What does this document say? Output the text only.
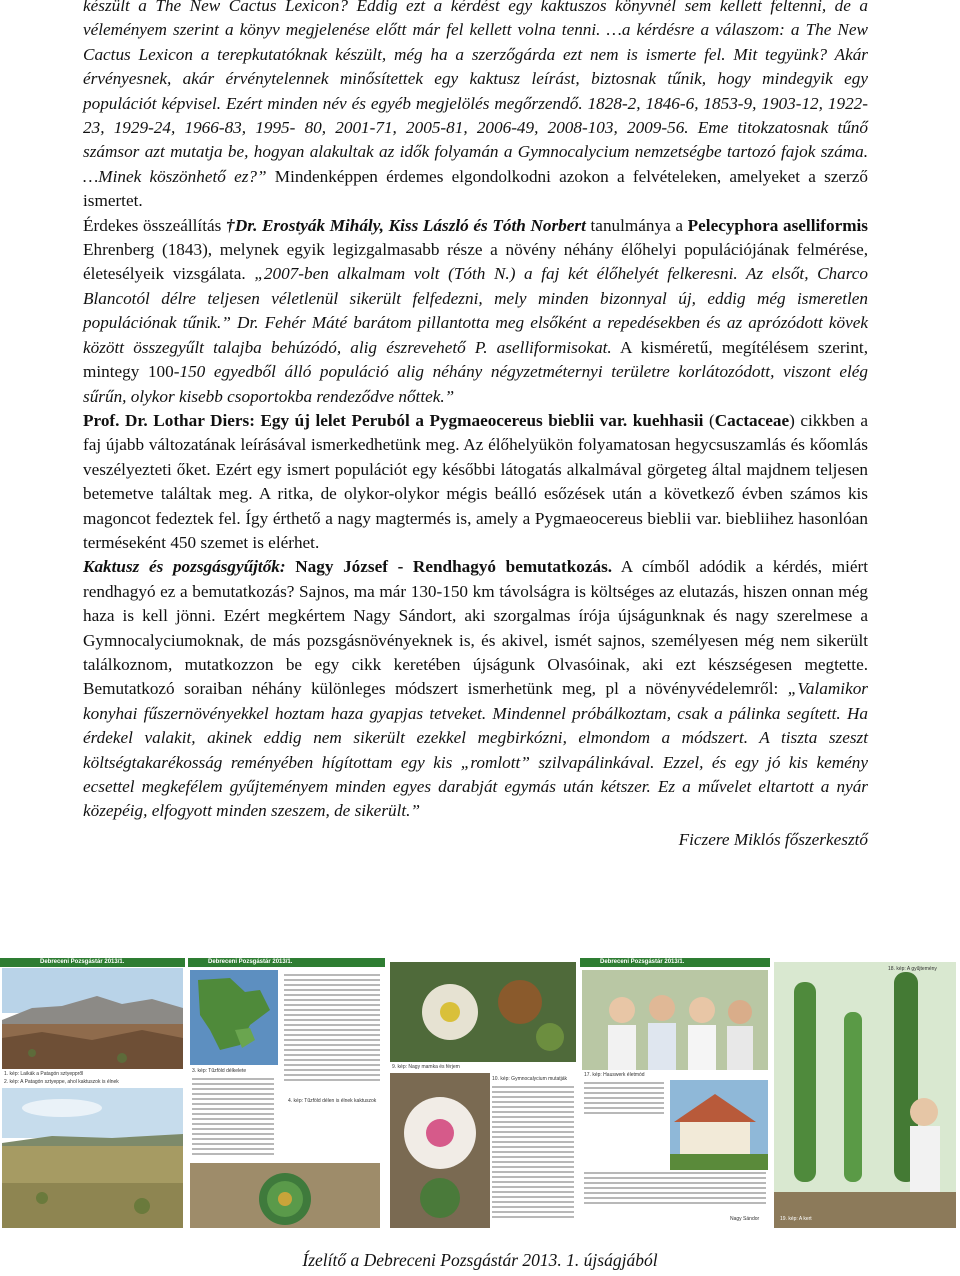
készült a The New Cactus Lexicon? Eddig ezt a kérdést egy kaktuszos könyvnél sem kellett feltenni, de a véleményem szerint a könyv megjelenése előtt már fel kellett volna tenni. …a kérdésre a válaszom: a The New Cactus Lexicon a terepkutatóknak készült, még ha a szerzőgárda ezt nem is ismerte fel. Mit tegyünk? Akár érvényesnek, akár érvénytelennek minősítettek egy kaktusz leírást, biztosnak tűnik, hogy mindegyik egy populációt képvisel. Ezért minden név és egyéb megjelölés megőrzendő. 1828-2, 1846-6, 1853-9, 1903-12, 1922-23, 1929-24, 1966-83, 1995- 80, 2001-71, 2005-81, 2006-49, 2008-103, 2009-56. Eme titokzatosnak tűnő számsor azt mutatja be, hogyan alakultak az idők folyamán a Gymnocalycium nemzetségbe tartozó fajok száma. …Minek köszönhető ez?” Mindenképpen érdemes elgondolkodni azokon a felvételeken, amelyeket a szerző ismertet.

Érdekes összeállítás †Dr. Erostyák Mihály, Kiss László és Tóth Norbert tanulmánya a Pelecyphora aselliformis Ehrenberg (1843), melynek egyik legizgalmasabb része a növény néhány élőhelyi populációjának felmérése, életesélyeik vizsgálata. „2007-ben alkalmam volt (Tóth N.) a faj két élőhelyét felkeresni. Az elsőt, Charco Blancotól délre teljesen véletlenül sikerült felfedezni, mely minden bizonnyal új, eddig még ismeretlen populációnak tűnik.” Dr. Fehér Máté barátom pillantotta meg elsőként a repedésekben és az aprózódott kövek között összegyűlt talajba behúzódó, alig észrevehető P. aselliformisokat. A kisméretű, megítélésem szerint, mintegy 100-150 egyedből álló populáció alig néhány négyzetméternyi területre korlátozódott, viszont elég sűrűn, olykor kisebb csoportokba rendeződve nőttek.”

Prof. Dr. Lothar Diers: Egy új lelet Peruból a Pygmaeocereus bieblii var. kuehhasii (Cactaceae) cikkben a faj újabb változatának leírásával ismerkedhetünk meg. Az élőhelyükön folyamatosan hegycsuszamlás és kőomlás veszélyezteti őket. Ezért egy ismert populációt egy későbbi látogatás alkalmával görgeteg által majdnem teljesen betemetve találtak meg. A ritka, de olykor-olykor mégis beálló esőzések után a következő évben számos kis magoncot fedeztek fel. Így érthető a nagy magtermés is, amely a Pygmaeocereus bieblii var. biebliihez hasonlóan terméseként 450 szemet is elérhet.

Kaktusz és pozsgásgyűjtők: Nagy József - Rendhagyó bemutatkozás. A címből adódik a kérdés, miért rendhagyó ez a bemutatkozás? Sajnos, ma már 130-150 km távolságra is költséges az elutazás, hiszen onnan még haza is kell jönni. Ezért megkértem Nagy Sándort, aki szorgalmas írója újságunknak és nagy szerelmese a Gymnocalyciumoknak, de más pozsgásnövényeknek is, és akivel, ismét sajnos, személyesen még nem sikerült találkoznom, mutatkozzon be egy cikk keretében újságunk Olvasóinak, aki ezt készségesen megtette. Bemutatkozó soraiban néhány különleges módszert ismerhetünk meg, pl a növényvédelemről: „Valamikor konyhai fűszernövényekkel hoztam haza gyapjas tetveket. Mindennel próbálkoztam, csak a pálinka segített. Ha érdekel valakit, akinek eddig nem sikerült ezekkel megbirkózni, elmondom a módszert. A tiszta szeszt költségtakarékosság reményében hígítottam egy kis „romlott” szilvapálinkával. Ezzel, és egy jó kis kemény ecsettel megkefélem gyűjteményem minden egyes darabját egymás után kétszer. Ez a művelet eltartott a nyár közepéig, elfogyott minden szeszem, de sikerült.”

Ficzere Miklós főszerkesztő

Debreceni Pozsgástár 2013/1.
1. kép: Laikák a Patagón sztyeppről
2. kép: A Patagón sztyeppe, ahol kaktuszok is élnek
Debreceni Pozsgástár 2013/1.
3. kép: Tűzföld délkelete
4. kép: Tűzföld délen is élnek kaktuszok
9. kép: Nagy mamka és férjem
10. kép: Gymnocalycium mutatják
Debreceni Pozsgástár 2013/1.
17. kép: Hauswerk életmód
Nagy Sándor
18. kép: A gyűjtemény
19. kép: A kert
Ízelítő a Debreceni Pozsgástár 2013. 1. újságjából
